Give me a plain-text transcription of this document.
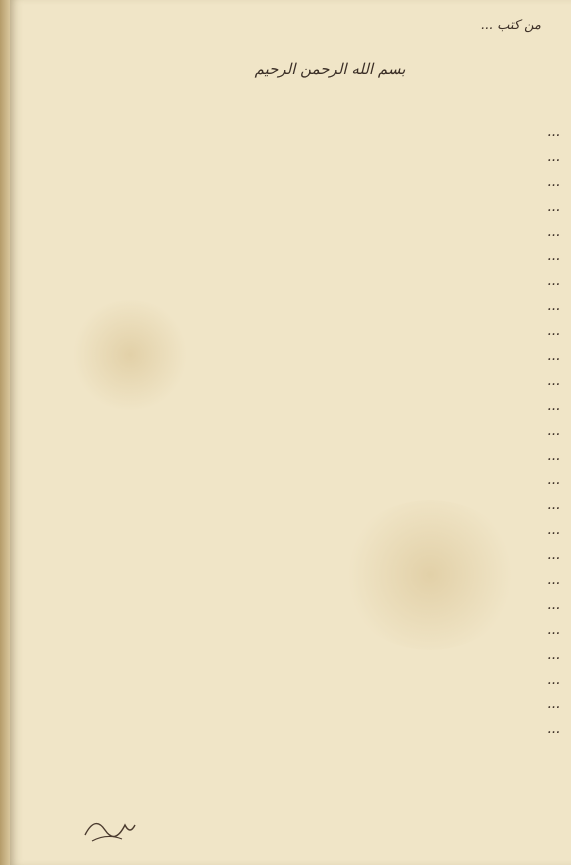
من کتب ...
بسم الله الرحمن الرحیم
...
...
...
...
...
...
...
...
...
...
...
...
...
...
...
...
...
...
...
...
...
...
...
...
...
